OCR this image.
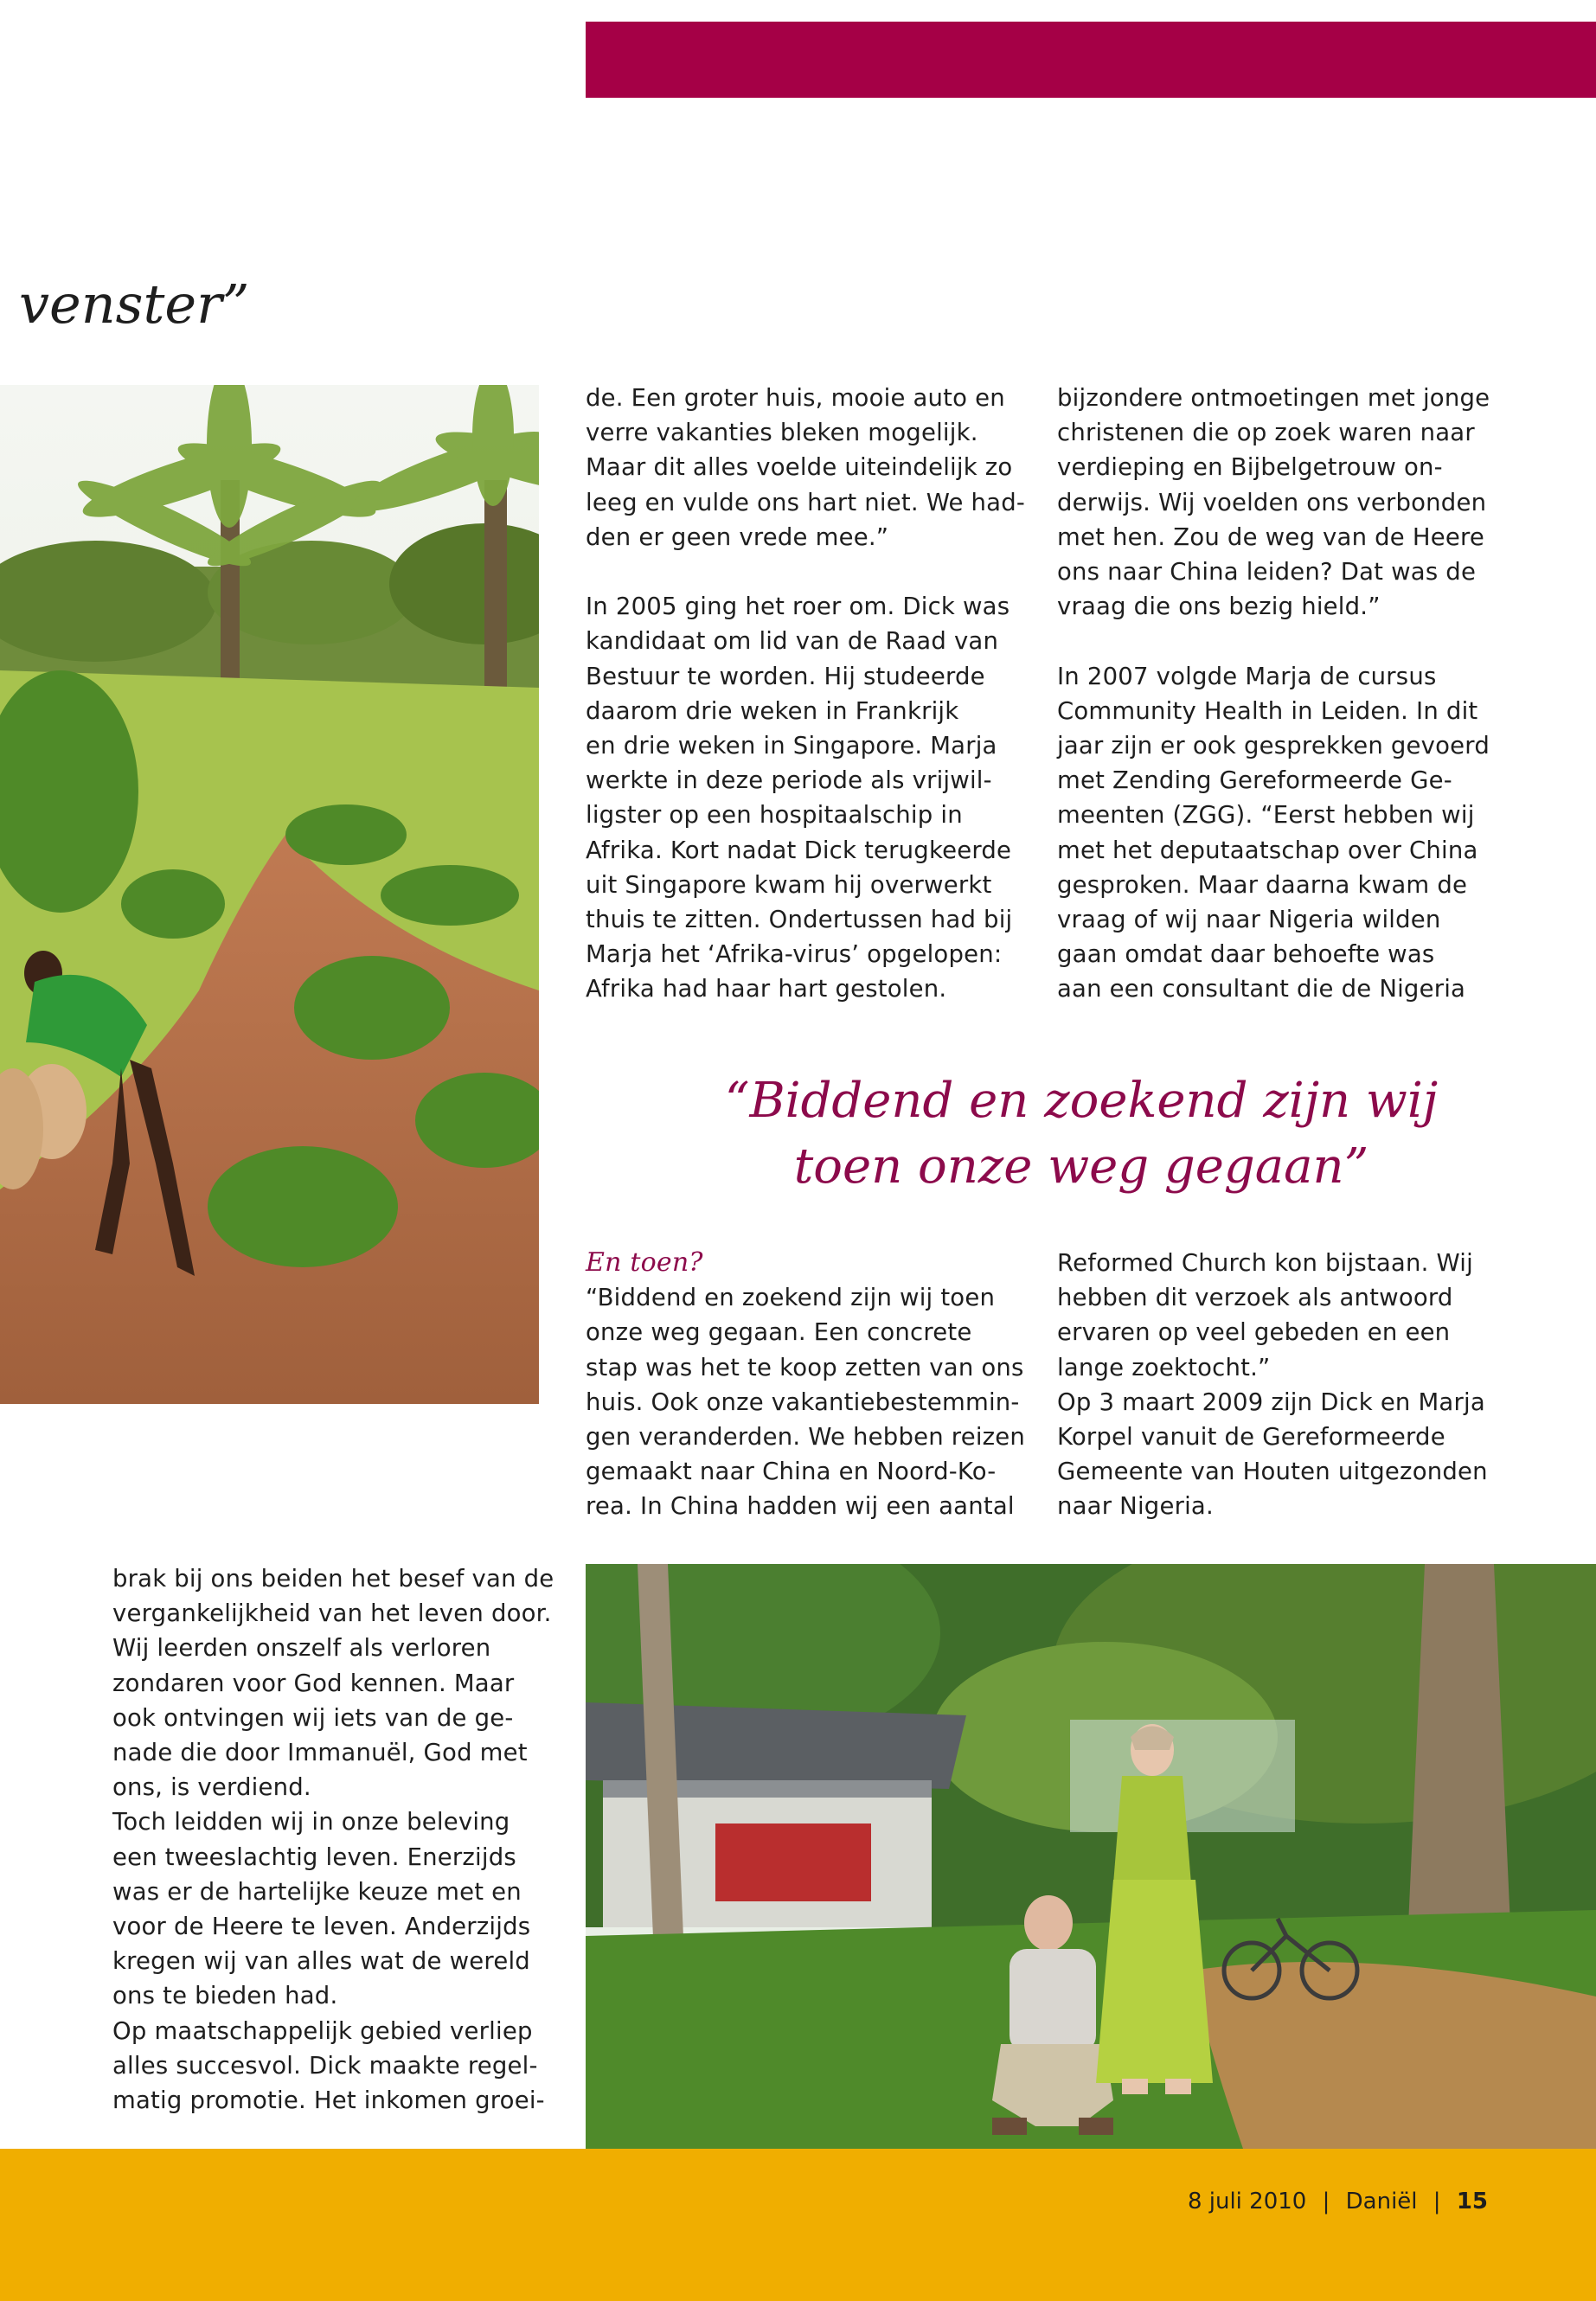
venster”

de. Een groter huis, mooie auto en

verre vakanties bleken mogelijk.

Maar dit alles voelde uiteindelijk zo

leeg en vulde ons hart niet. We had-

den er geen vrede mee.”

In 2005 ging het roer om. Dick was

kandidaat om lid van de Raad van

Bestuur te worden. Hij studeerde

daarom drie weken in Frankrijk

en drie weken in Singapore. Marja

werkte in deze periode als vrijwil-

ligster op een hospitaalschip in

Afrika. Kort nadat Dick terugkeerde

uit Singapore kwam hij overwerkt

thuis te zitten. Ondertussen had bij

Marja het ‘Afrika-virus’ opgelopen:

Afrika had haar hart gestolen.

bijzondere ontmoetingen met jonge

christenen die op zoek waren naar

verdieping en Bijbelgetrouw on-

derwijs. Wij voelden ons verbonden

met hen. Zou de weg van de Heere

ons naar China leiden? Dat was de

vraag die ons bezig hield.”

In 2007 volgde Marja de cursus

Community Health in Leiden. In dit

jaar zijn er ook gesprekken gevoerd

met Zending Gereformeerde Ge-

meenten (ZGG). “Eerst hebben wij

met het deputaatschap over China

gesproken. Maar daarna kwam de

vraag of wij naar Nigeria wilden

gaan omdat daar behoefte was

aan een consultant die de Nigeria

“Biddend en zoekend zijn wij
toen onze weg gegaan”

En toen?

“Biddend en zoekend zijn wij toen

onze weg gegaan. Een concrete

stap was het te koop zetten van ons

huis. Ook onze vakantiebestemmin-

gen veranderden. We hebben reizen

gemaakt naar China en Noord-Ko-

rea. In China hadden wij een aantal

Reformed Church kon bijstaan. Wij

hebben dit verzoek als antwoord

ervaren op veel gebeden en een

lange zoektocht.”

Op 3 maart 2009 zijn Dick en Marja

Korpel vanuit de Gereformeerde

Gemeente van Houten uitgezonden

naar Nigeria.

brak bij ons beiden het besef van de

vergankelijkheid van het leven door.

Wij leerden onszelf als verloren

zondaren voor God kennen. Maar

ook ontvingen wij iets van de ge-

nade die door Immanuël, God met

ons, is verdiend.

Toch leidden wij in onze beleving

een tweeslachtig leven. Enerzijds

was er de hartelijke keuze met en

voor de Heere te leven. Anderzijds

kregen wij van alles wat de wereld

ons te bieden had.

Op maatschappelijk gebied verliep

alles succesvol. Dick maakte regel-

matig promotie. Het inkomen groei-

8 juli 2010 | Daniël | 15
